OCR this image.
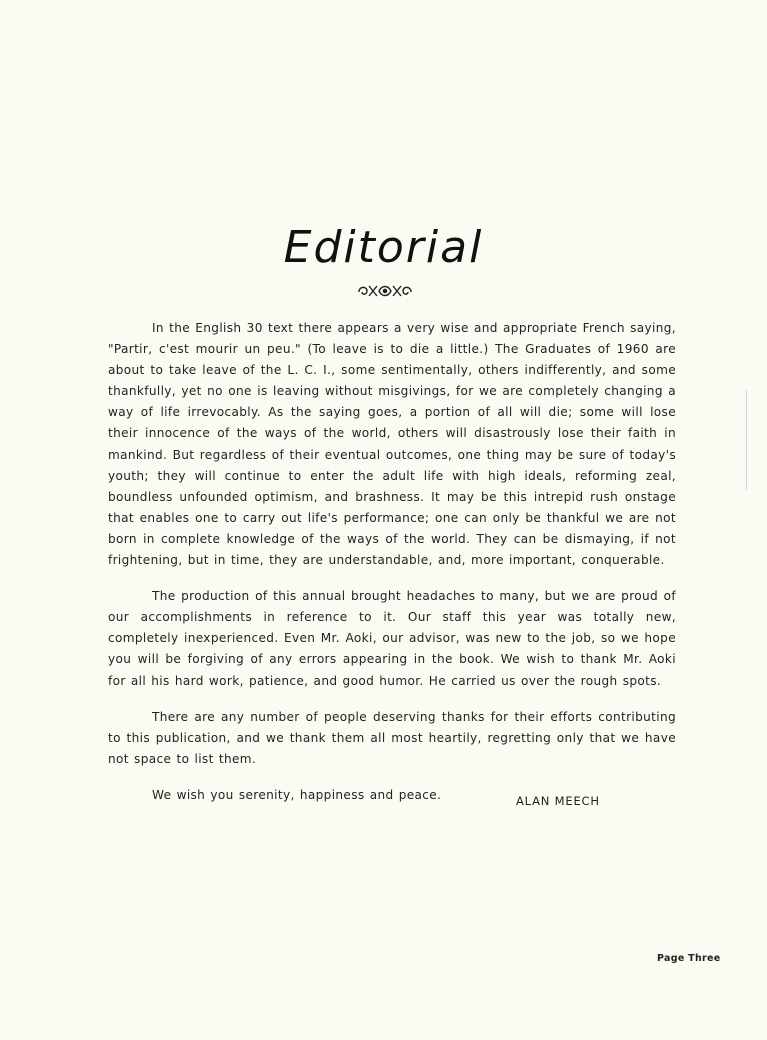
Editorial

In the English 30 text there appears a very wise and appropriate French saying, "Partir, c'est mourir un peu." (To leave is to die a little.) The Graduates of 1960 are about to take leave of the L. C. I., some sentimentally, others indifferently, and some thankfully, yet no one is leaving without misgivings, for we are completely changing a way of life irrevocably. As the saying goes, a portion of all will die; some will lose their innocence of the ways of the world, others will disastrously lose their faith in mankind. But regardless of their eventual outcomes, one thing may be sure of today's youth; they will continue to enter the adult life with high ideals, reforming zeal, boundless unfounded optimism, and brashness. It may be this intrepid rush onstage that enables one to carry out life's performance; one can only be thankful we are not born in complete knowledge of the ways of the world. They can be dismaying, if not frightening, but in time, they are understandable, and, more important, conquerable.

The production of this annual brought headaches to many, but we are proud of our accomplishments in reference to it. Our staff this year was totally new, completely inexperienced. Even Mr. Aoki, our advisor, was new to the job, so we hope you will be forgiving of any errors appearing in the book. We wish to thank Mr. Aoki for all his hard work, patience, and good humor. He carried us over the rough spots.

There are any number of people deserving thanks for their efforts contributing to this publication, and we thank them all most heartily, regretting only that we have not space to list them.

We wish you serenity, happiness and peace.	ALAN MEECH
Page Three
